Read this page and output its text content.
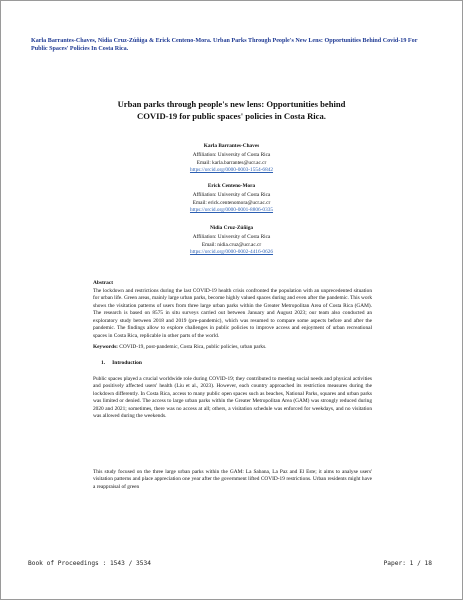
Karla Barrantes-Chaves, Nidia Cruz-Zúñiga & Erick Centeno-Mora. Urban Parks Through People's New Lens: Opportunities Behind Covid-19 For Public Spaces' Policies In Costa Rica.
Urban parks through people's new lens: Opportunities behind
COVID-19 for public spaces' policies in Costa Rica.
Karla Barrantes-Chaves
Affiliation: University of Costa Rica
Email: karla.barrantes@ucr.ac.cr
https://orcid.org/0000-0003-1554-6842
Erick Centeno-Mora
Affiliation: University of Costa Rica
Email: erick.centenomora@ucr.ac.cr
https://orcid.org/0000-0001-8806-0335
Nidia Cruz-Zúñiga
Affiliation: University of Costa Rica
Email: nidia.cruz@ucr.ac.cr
https://orcid.org/0000-0002-4416-0626
Abstract
The lockdown and restrictions during the last COVID-19 health crisis confronted the population with an unprecedented situation for urban life. Green areas, mainly large urban parks, become highly valued spaces during and even after the pandemic. This work shows the visitation patterns of users from three large urban parks within the Greater Metropolitan Area of Costa Rica (GAM). The research is based on 8575 in situ surveys carried out between January and August 2023; our team also conducted an exploratory study between 2018 and 2019 (pre-pandemic), which was resumed to compare some aspects before and after the pandemic. The findings allow to explore challenges in public policies to improve access and enjoyment of urban recreational spaces in Costa Rica, replicable in other parts of the world.
Keywords: COVID-19, post-pandemic, Costa Rica, public policies, urban parks.
1. Introduction
Public spaces played a crucial worldwide role during COVID-19; they contributed to meeting social needs and physical activities and positively affected users' health (Liu et al., 2023). However, each country approached its restriction measures during the lockdown differently. In Costa Rica, access to many public open spaces such as beaches, National Parks, squares and urban parks was limited or denied. The access to large urban parks within the Greater Metropolitan Area (GAM) was strongly reduced during 2020 and 2021; sometimes, there was no access at all; others, a visitation schedule was enforced for weekdays, and no visitation was allowed during the weekends.
This study focused on the three large urban parks within the GAM: La Sabana, La Paz and El Este; it aims to analyse users' visitation patterns and place appreciation one year after the government lifted COVID-19 restrictions. Urban residents might have a reappraisal of green
Book of Proceedings : 1543 / 3534	Paper: 1 / 18
